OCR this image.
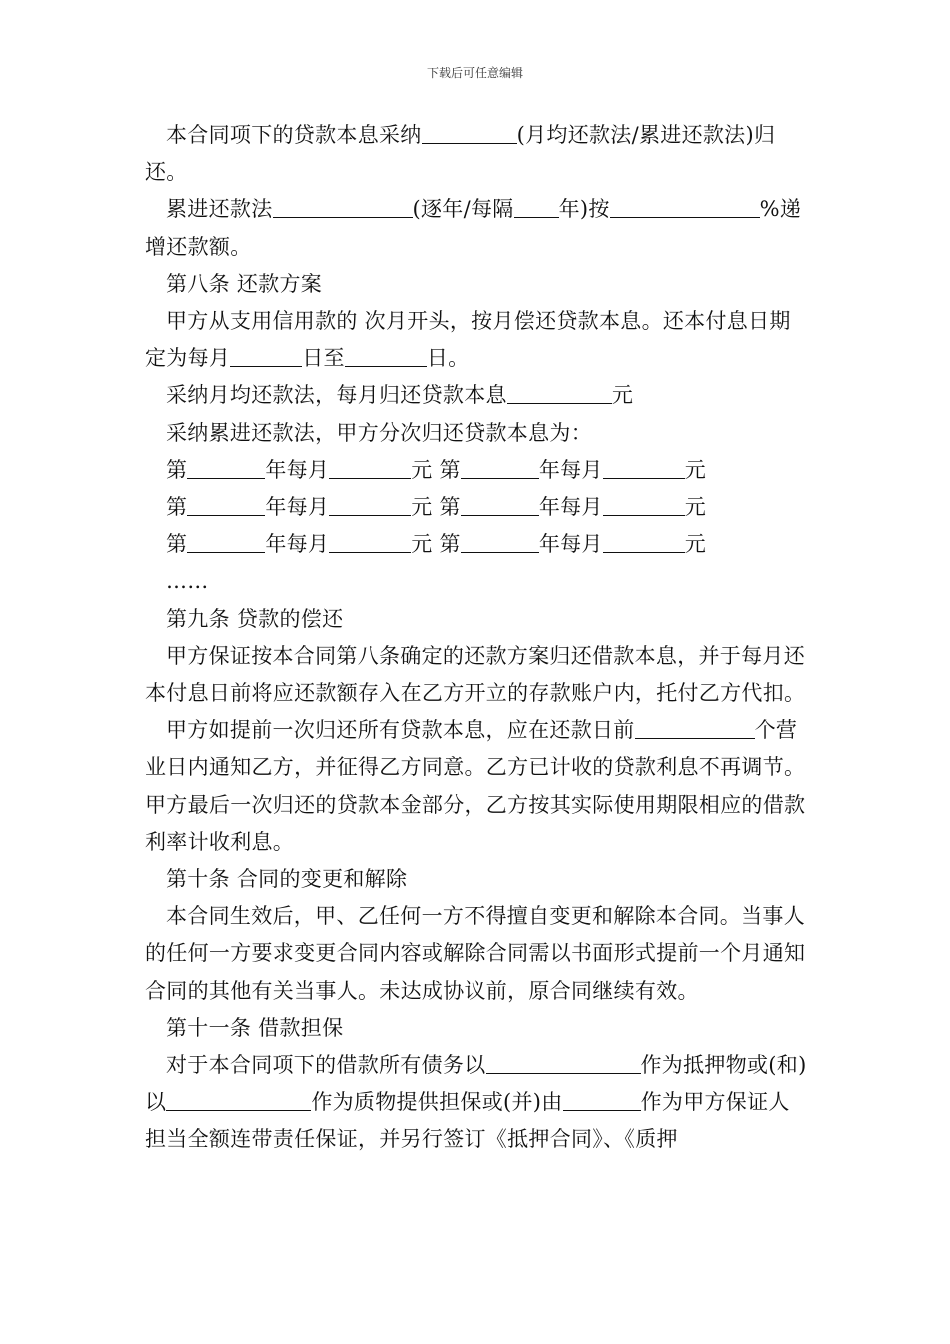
下载后可任意编辑

本合同项下的贷款本息采纳	(月均还款法/累进还款法)归还。

累进还款法	(逐年/每隔 年)按	%递增还款额。

第八条 还款方案

甲方从支用信用款的 次月开头，按月偿还贷款本息。还本付息日期定为每月	日至	日。

采纳月均还款法，每月归还贷款本息	元

采纳累进还款法，甲方分次归还贷款本息为：

第	年每月	元 第	年每月	元
第	年每月	元 第	年每月	元
第	年每月	元 第	年每月	元

……

第九条 贷款的偿还

甲方保证按本合同第八条确定的还款方案归还借款本息，并于每月还本付息日前将应还款额存入在乙方开立的存款账户内，托付乙方代扣。

甲方如提前一次归还所有贷款本息，应在还款日前	个营业日内通知乙方，并征得乙方同意。乙方已计收的贷款利息不再调节。甲方最后一次归还的贷款本金部分，乙方按其实际使用期限相应的借款利率计收利息。

第十条 合同的变更和解除

本合同生效后，甲、乙任何一方不得擅自变更和解除本合同。当事人的任何一方要求变更合同内容或解除合同需以书面形式提前一个月通知合同的其他有关当事人。未达成协议前，原合同继续有效。

第十一条 借款担保

对于本合同项下的借款所有债务以	作为抵押物或(和)以	作为质物提供担保或(并)由	作为甲方保证人担当全额连带责任保证，并另行签订《抵押合同》、《质押
